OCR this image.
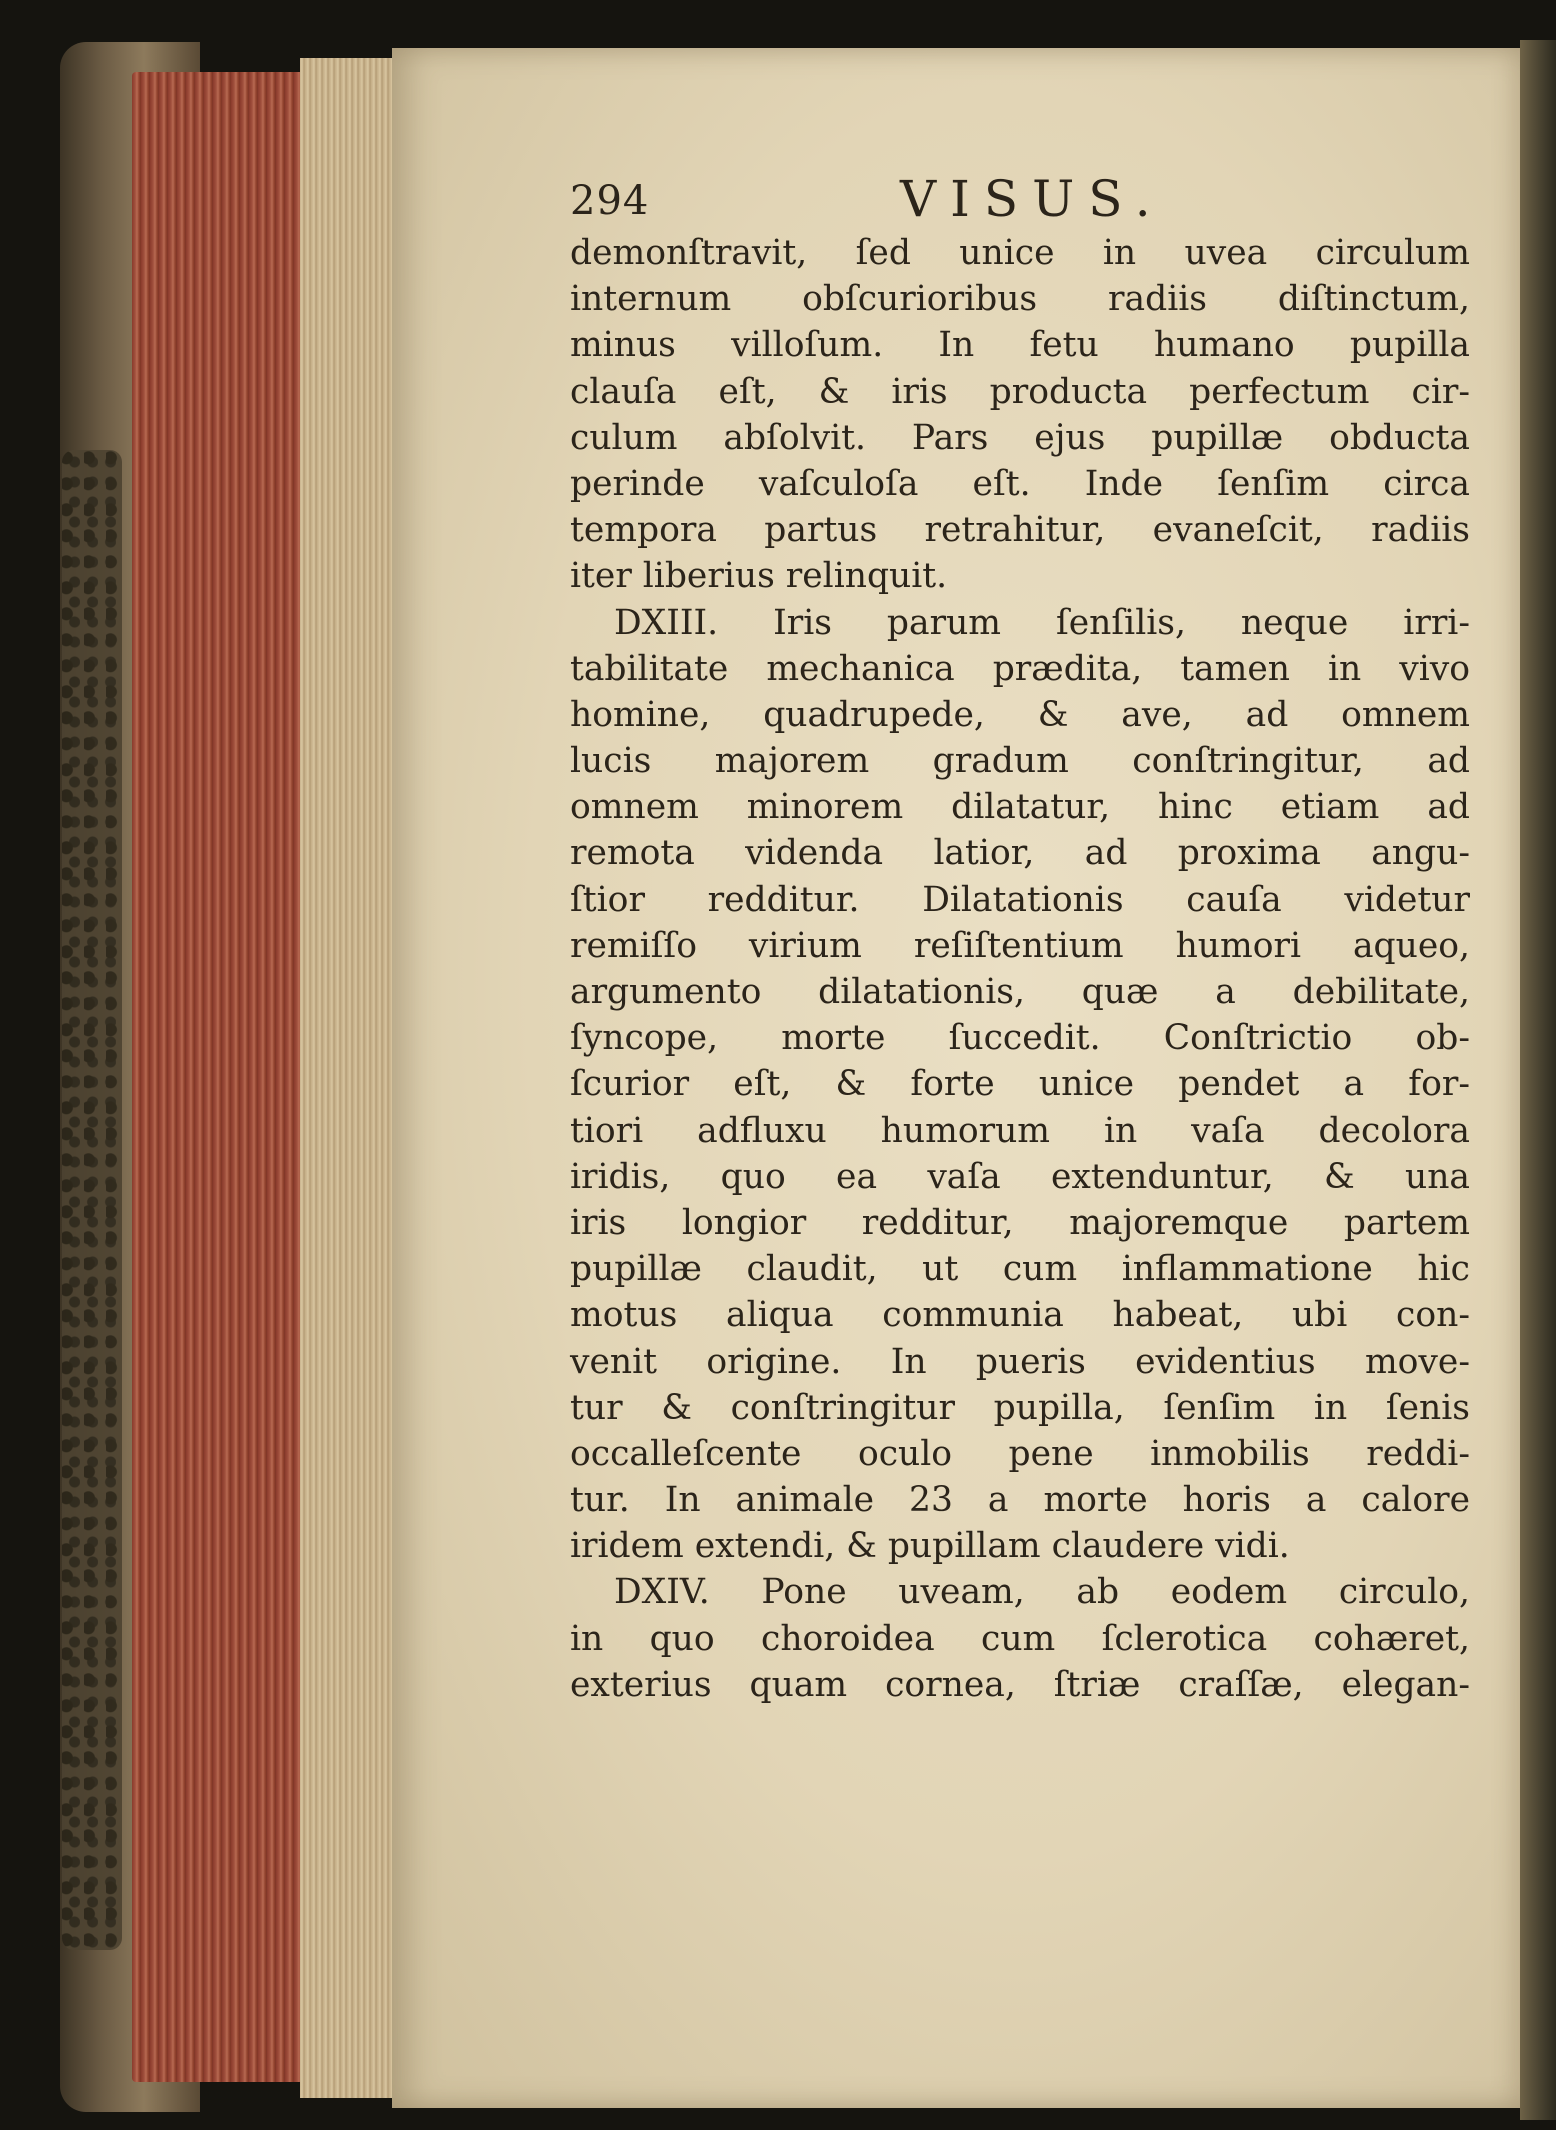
294	VISUS.
demonſtravit, ſed unice in uvea circulum
internum obſcurioribus radiis diſtinctum,
minus villoſum. In fetu humano pupilla
clauſa eſt, & iris producta perfectum cir-
culum abſolvit. Pars ejus pupillæ obducta
perinde vaſculoſa eſt. Inde ſenſim circa
tempora partus retrahitur, evaneſcit, radiis
iter liberius relinquit.
DXIII. Iris parum ſenſilis, neque irri-
tabilitate mechanica prædita, tamen in vivo
homine, quadrupede, & ave, ad omnem
lucis majorem gradum conſtringitur, ad
omnem minorem dilatatur, hinc etiam ad
remota videnda latior, ad proxima angu-
ſtior redditur. Dilatationis cauſa videtur
remiſſo virium reſiſtentium humori aqueo,
argumento dilatationis, quæ a debilitate,
ſyncope, morte ſuccedit. Conſtrictio ob-
ſcurior eſt, & forte unice pendet a for-
tiori adfluxu humorum in vaſa decolora
iridis, quo ea vaſa extenduntur, & una
iris longior redditur, majoremque partem
pupillæ claudit, ut cum inflammatione hic
motus aliqua communia habeat, ubi con-
venit origine. In pueris evidentius move-
tur & conſtringitur pupilla, ſenſim in ſenis
occalleſcente oculo pene inmobilis reddi-
tur. In animale 23 a morte horis a calore
iridem extendi, & pupillam claudere vidi.
DXIV. Pone uveam, ab eodem circulo,
in quo choroidea cum ſclerotica cohæret,
exterius quam cornea, ſtriæ craſſæ, elegan-
